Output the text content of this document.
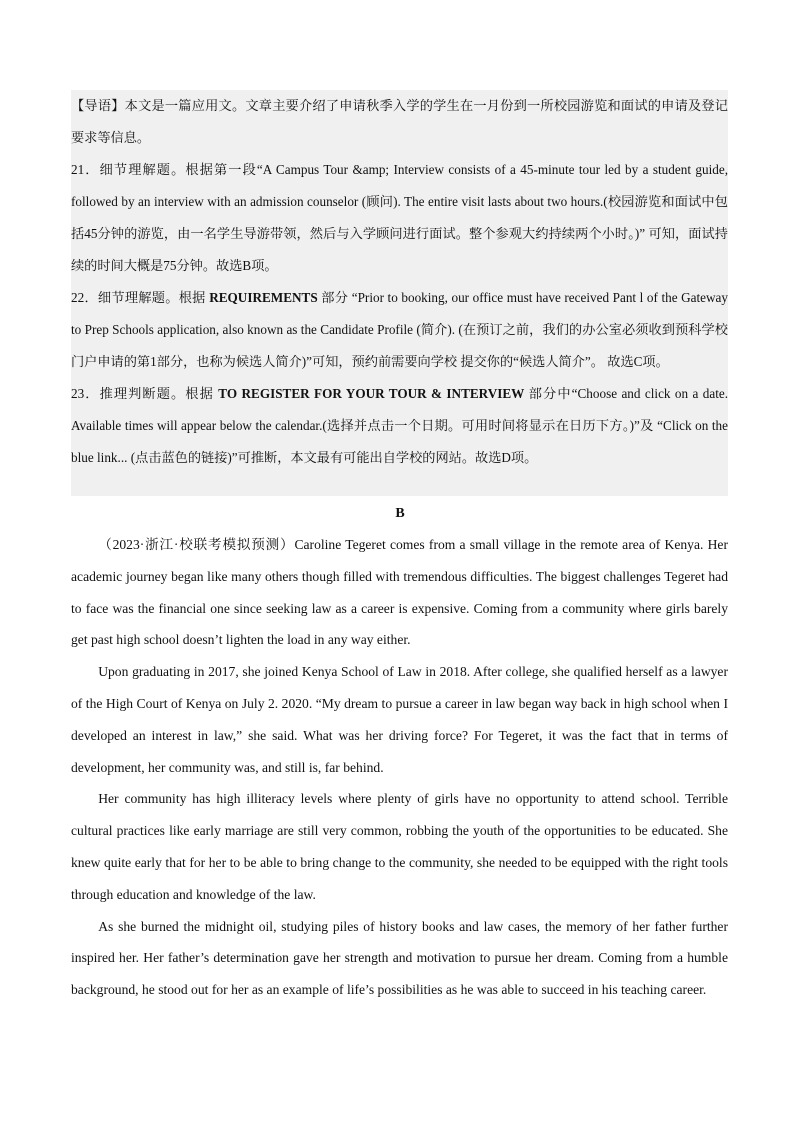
【导语】本文是一篇应用文。文章主要介绍了申请秋季入学的学生在一月份到一所校园游览和面试的申请及登记要求等信息。

21．细节理解题。根据第一段“A Campus Tour &amp; Interview consists of a 45-minute tour led by a student guide, followed by an interview with an admission counselor (顾问). The entire visit lasts about two hours.(校园游览和面试中包括45分钟的游览，由一名学生导游带领，然后与入学顾问进行面试。整个参观大约持续两个小时。)” 可知，面试持续的时间大概是75分钟。故选B项。

22．细节理解题。根据 REQUIREMENTS 部分 “Prior to booking, our office must have received Pant l of the Gateway to Prep Schools application, also known as the Candidate Profile (简介). (在预订之前，我们的办公室必须收到预科学校门户申请的第1部分，也称为候选人简介)”可知，预约前需要向学校 提交你的“候选人简介”。 故选C项。

23．推理判断题。根据 TO REGISTER FOR YOUR TOUR & INTERVIEW 部分中“Choose and click on a date. Available times will appear below the calendar.(选择并点击一个日期。可用时间将显示在日历下方。)”及 “Click on the blue link... (点击蓝色的链接)”可推断，本文最有可能出自学校的网站。故选D项。

B

（2023·浙江·校联考模拟预测）Caroline Tegeret comes from a small village in the remote area of Kenya. Her academic journey began like many others though filled with tremendous difficulties. The biggest challenges Tegeret had to face was the financial one since seeking law as a career is expensive. Coming from a community where girls barely get past high school doesn’t lighten the load in any way either.

Upon graduating in 2017, she joined Kenya School of Law in 2018. After college, she qualified herself as a lawyer of the High Court of Kenya on July 2. 2020. “My dream to pursue a career in law began way back in high school when I developed an interest in law,” she said. What was her driving force? For Tegeret, it was the fact that in terms of development, her community was, and still is, far behind.

Her community has high illiteracy levels where plenty of girls have no opportunity to attend school. Terrible cultural practices like early marriage are still very common, robbing the youth of the opportunities to be educated. She knew quite early that for her to be able to bring change to the community, she needed to be equipped with the right tools through education and knowledge of the law.

As she burned the midnight oil, studying piles of history books and law cases, the memory of her father further inspired her. Her father’s determination gave her strength and motivation to pursue her dream. Coming from a humble background, he stood out for her as an example of life’s possibilities as he was able to succeed in his teaching career.
